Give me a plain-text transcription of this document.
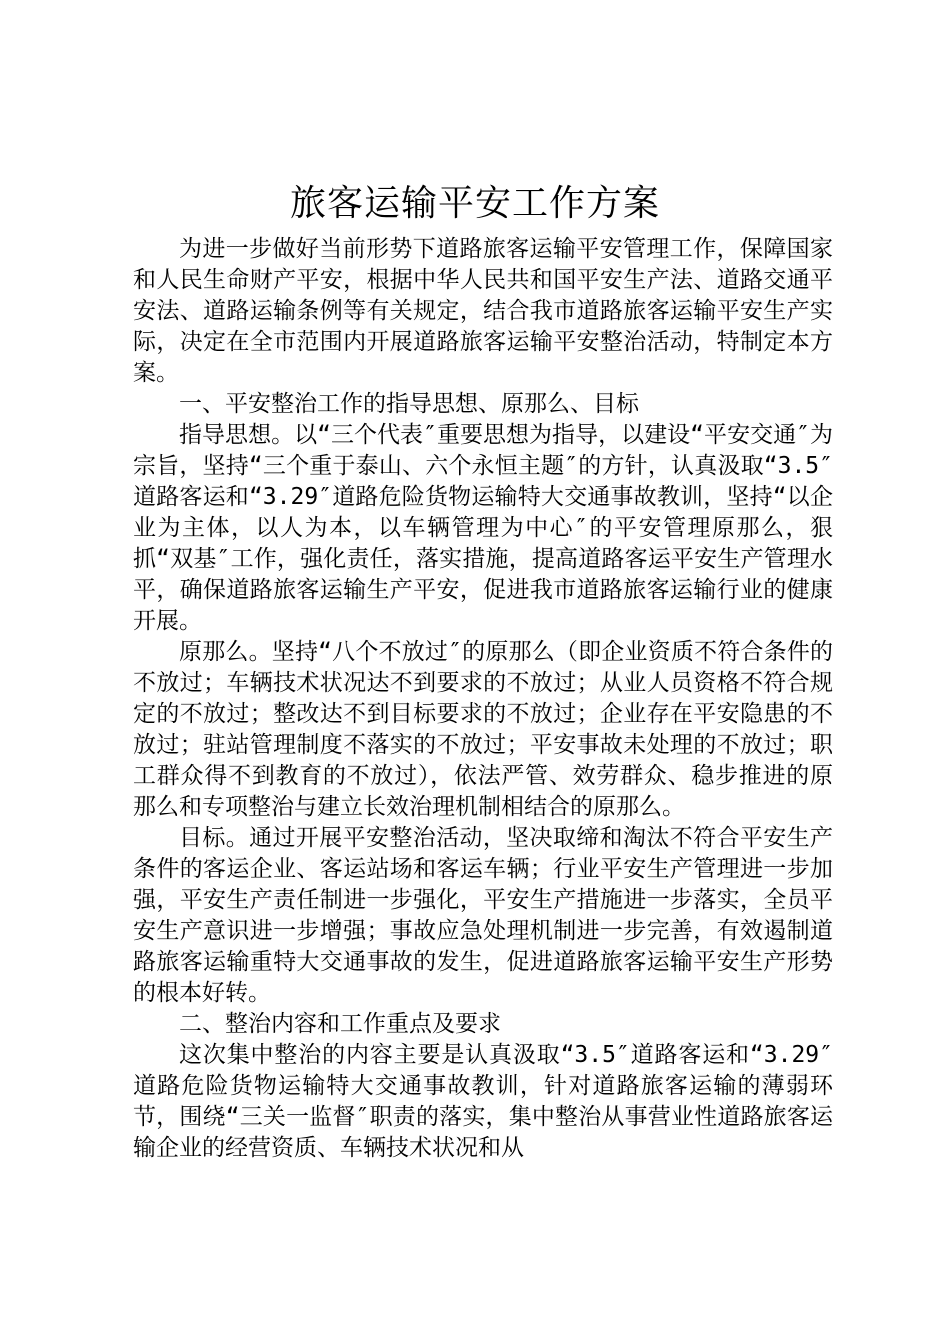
旅客运输平安工作方案

为进一步做好当前形势下道路旅客运输平安管理工作，保障国家和人民生命财产平安，根据中华人民共和国平安生产法、道路交通平安法、道路运输条例等有关规定，结合我市道路旅客运输平安生产实际，决定在全市范围内开展道路旅客运输平安整治活动，特制定本方案。

一、平安整治工作的指导思想、原那么、目标

指导思想。以“三个代表″重要思想为指导，以建设“平安交通″为宗旨，坚持“三个重于泰山、六个永恒主题″的方针，认真汲取“3.5″道路客运和“3.29″道路危险货物运输特大交通事故教训，坚持“以企业为主体，以人为本，以车辆管理为中心″的平安管理原那么，狠抓“双基″工作，强化责任，落实措施，提高道路客运平安生产管理水平，确保道路旅客运输生产平安，促进我市道路旅客运输行业的健康开展。

原那么。坚持“八个不放过″的原那么（即企业资质不符合条件的不放过；车辆技术状况达不到要求的不放过；从业人员资格不符合规定的不放过；整改达不到目标要求的不放过；企业存在平安隐患的不放过；驻站管理制度不落实的不放过；平安事故未处理的不放过；职工群众得不到教育的不放过），依法严管、效劳群众、稳步推进的原那么和专项整治与建立长效治理机制相结合的原那么。

目标。通过开展平安整治活动，坚决取缔和淘汰不符合平安生产条件的客运企业、客运站场和客运车辆；行业平安生产管理进一步加强，平安生产责任制进一步强化，平安生产措施进一步落实，全员平安生产意识进一步增强；事故应急处理机制进一步完善，有效遏制道路旅客运输重特大交通事故的发生，促进道路旅客运输平安生产形势的根本好转。

二、整治内容和工作重点及要求

这次集中整治的内容主要是认真汲取“3.5″道路客运和“3.29″道路危险货物运输特大交通事故教训，针对道路旅客运输的薄弱环节，围绕“三关一监督″职责的落实，集中整治从事营业性道路旅客运输企业的经营资质、车辆技术状况和从
